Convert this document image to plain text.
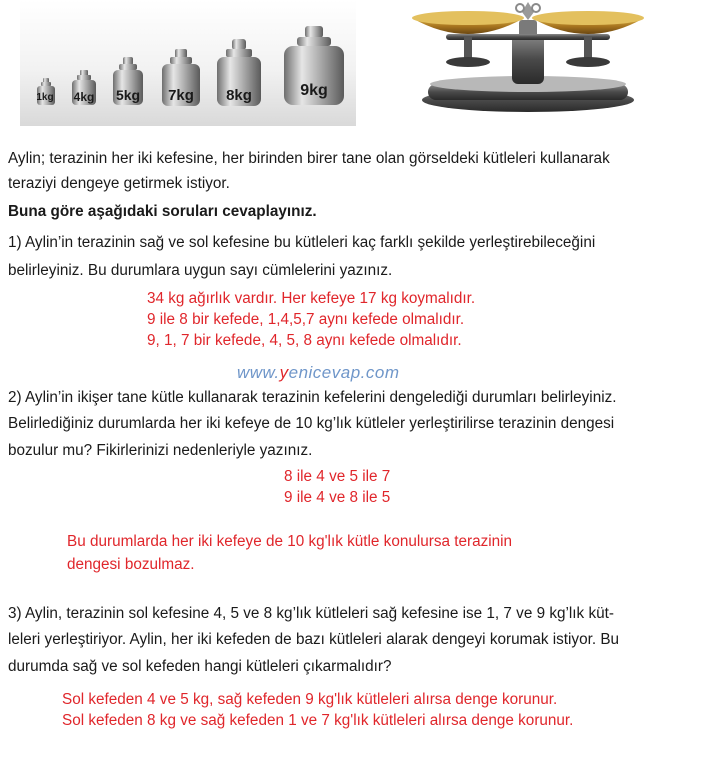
1kg 4kg 5kg	7kg	8kg	9kg
Aylin; terazinin her iki kefesine, her birinden birer tane olan görseldeki kütleleri kullanarak
teraziyi dengeye getirmek istiyor.
Buna göre aşağıdaki soruları cevaplayınız.
1) Aylin’in terazinin sağ ve sol kefesine bu kütleleri kaç farklı şekilde yerleştirebileceğini
belirleyiniz. Bu durumlara uygun sayı cümlelerini yazınız.
34 kg ağırlık vardır. Her kefeye 17 kg koymalıdır.
9 ile 8 bir kefede, 1,4,5,7 aynı kefede olmalıdır.
9, 1, 7 bir kefede, 4, 5, 8 aynı kefede olmalıdır.
www.yenicevap.com
2) Aylin’in ikişer tane kütle kullanarak terazinin kefelerini dengelediği durumları belirleyiniz.
Belirlediğiniz durumlarda her iki kefeye de 10 kg’lık kütleler yerleştirilirse terazinin dengesi
bozulur mu? Fikirlerinizi nedenleriyle yazınız.
8 ile 4 ve 5 ile 7
9 ile 4 ve 8 ile 5
Bu durumlarda her iki kefeye de 10 kg'lık kütle konulursa terazinin
dengesi bozulmaz.
3) Aylin, terazinin sol kefesine 4, 5 ve 8 kg’lık kütleleri sağ kefesine ise 1, 7 ve 9 kg’lık küt-
leleri yerleştiriyor. Aylin, her iki kefeden de bazı kütleleri alarak dengeyi korumak istiyor. Bu
durumda sağ ve sol kefeden hangi kütleleri çıkarmalıdır?
Sol kefeden 4 ve 5 kg, sağ kefeden 9 kg'lık kütleleri alırsa denge korunur.
Sol kefeden 8 kg ve sağ kefeden 1 ve 7 kg'lık kütleleri alırsa denge korunur.
